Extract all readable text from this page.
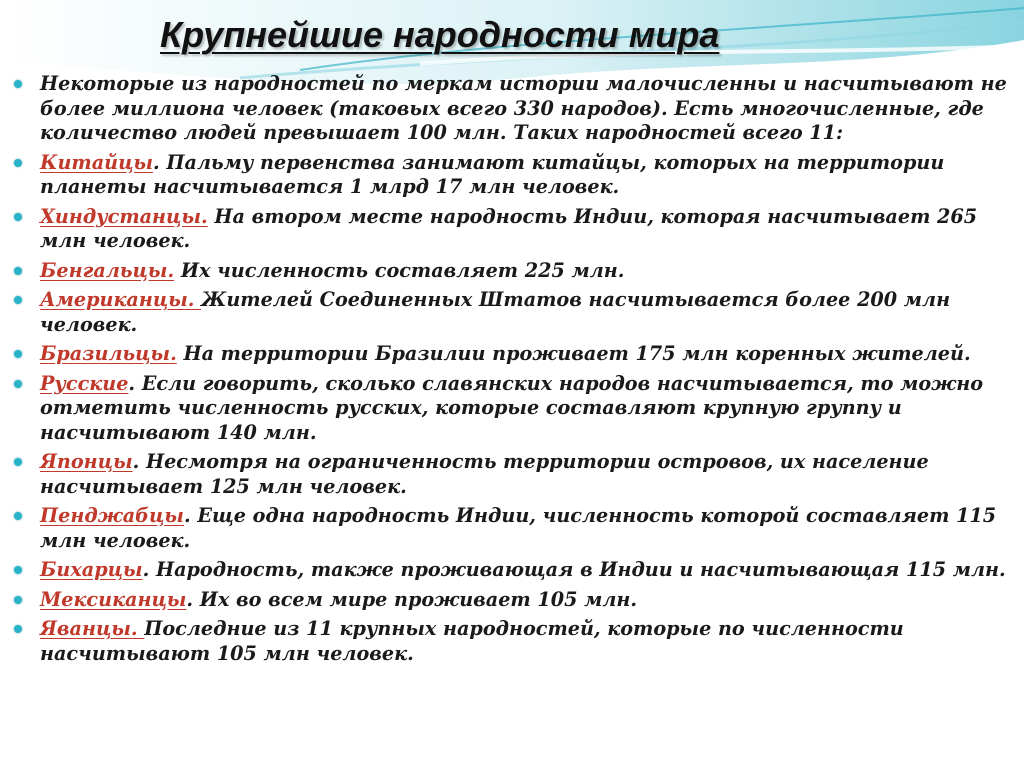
Крупнейшие народности мира
Некоторые из народностей по меркам истории малочисленны и насчитывают не более миллиона человек (таковых всего 330 народов). Есть многочисленные, где количество людей превышает 100 млн. Таких народностей всего 11:
Китайцы. Пальму первенства занимают китайцы, которых на территории планеты насчитывается 1 млрд 17 млн человек.
Хиндустанцы. На втором месте народность Индии, которая насчитывает 265 млн человек.
Бенгальцы. Их численность составляет 225 млн.
Американцы. Жителей Соединенных Штатов насчитывается более 200 млн человек.
Бразильцы. На территории Бразилии проживает 175 млн коренных жителей.
Русские. Если говорить, сколько славянских народов насчитывается, то можно отметить численность русских, которые составляют крупную группу и насчитывают 140 млн.
Японцы. Несмотря на ограниченность территории островов, их население насчитывает 125 млн человек.
Пенджабцы. Еще одна народность Индии, численность которой составляет 115 млн человек.
Бихарцы. Народность, также проживающая в Индии и насчитывающая 115 млн.
Мексиканцы. Их во всем мире проживает 105 млн.
Яванцы. Последние из 11 крупных народностей, которые по численности насчитывают 105 млн человек.
